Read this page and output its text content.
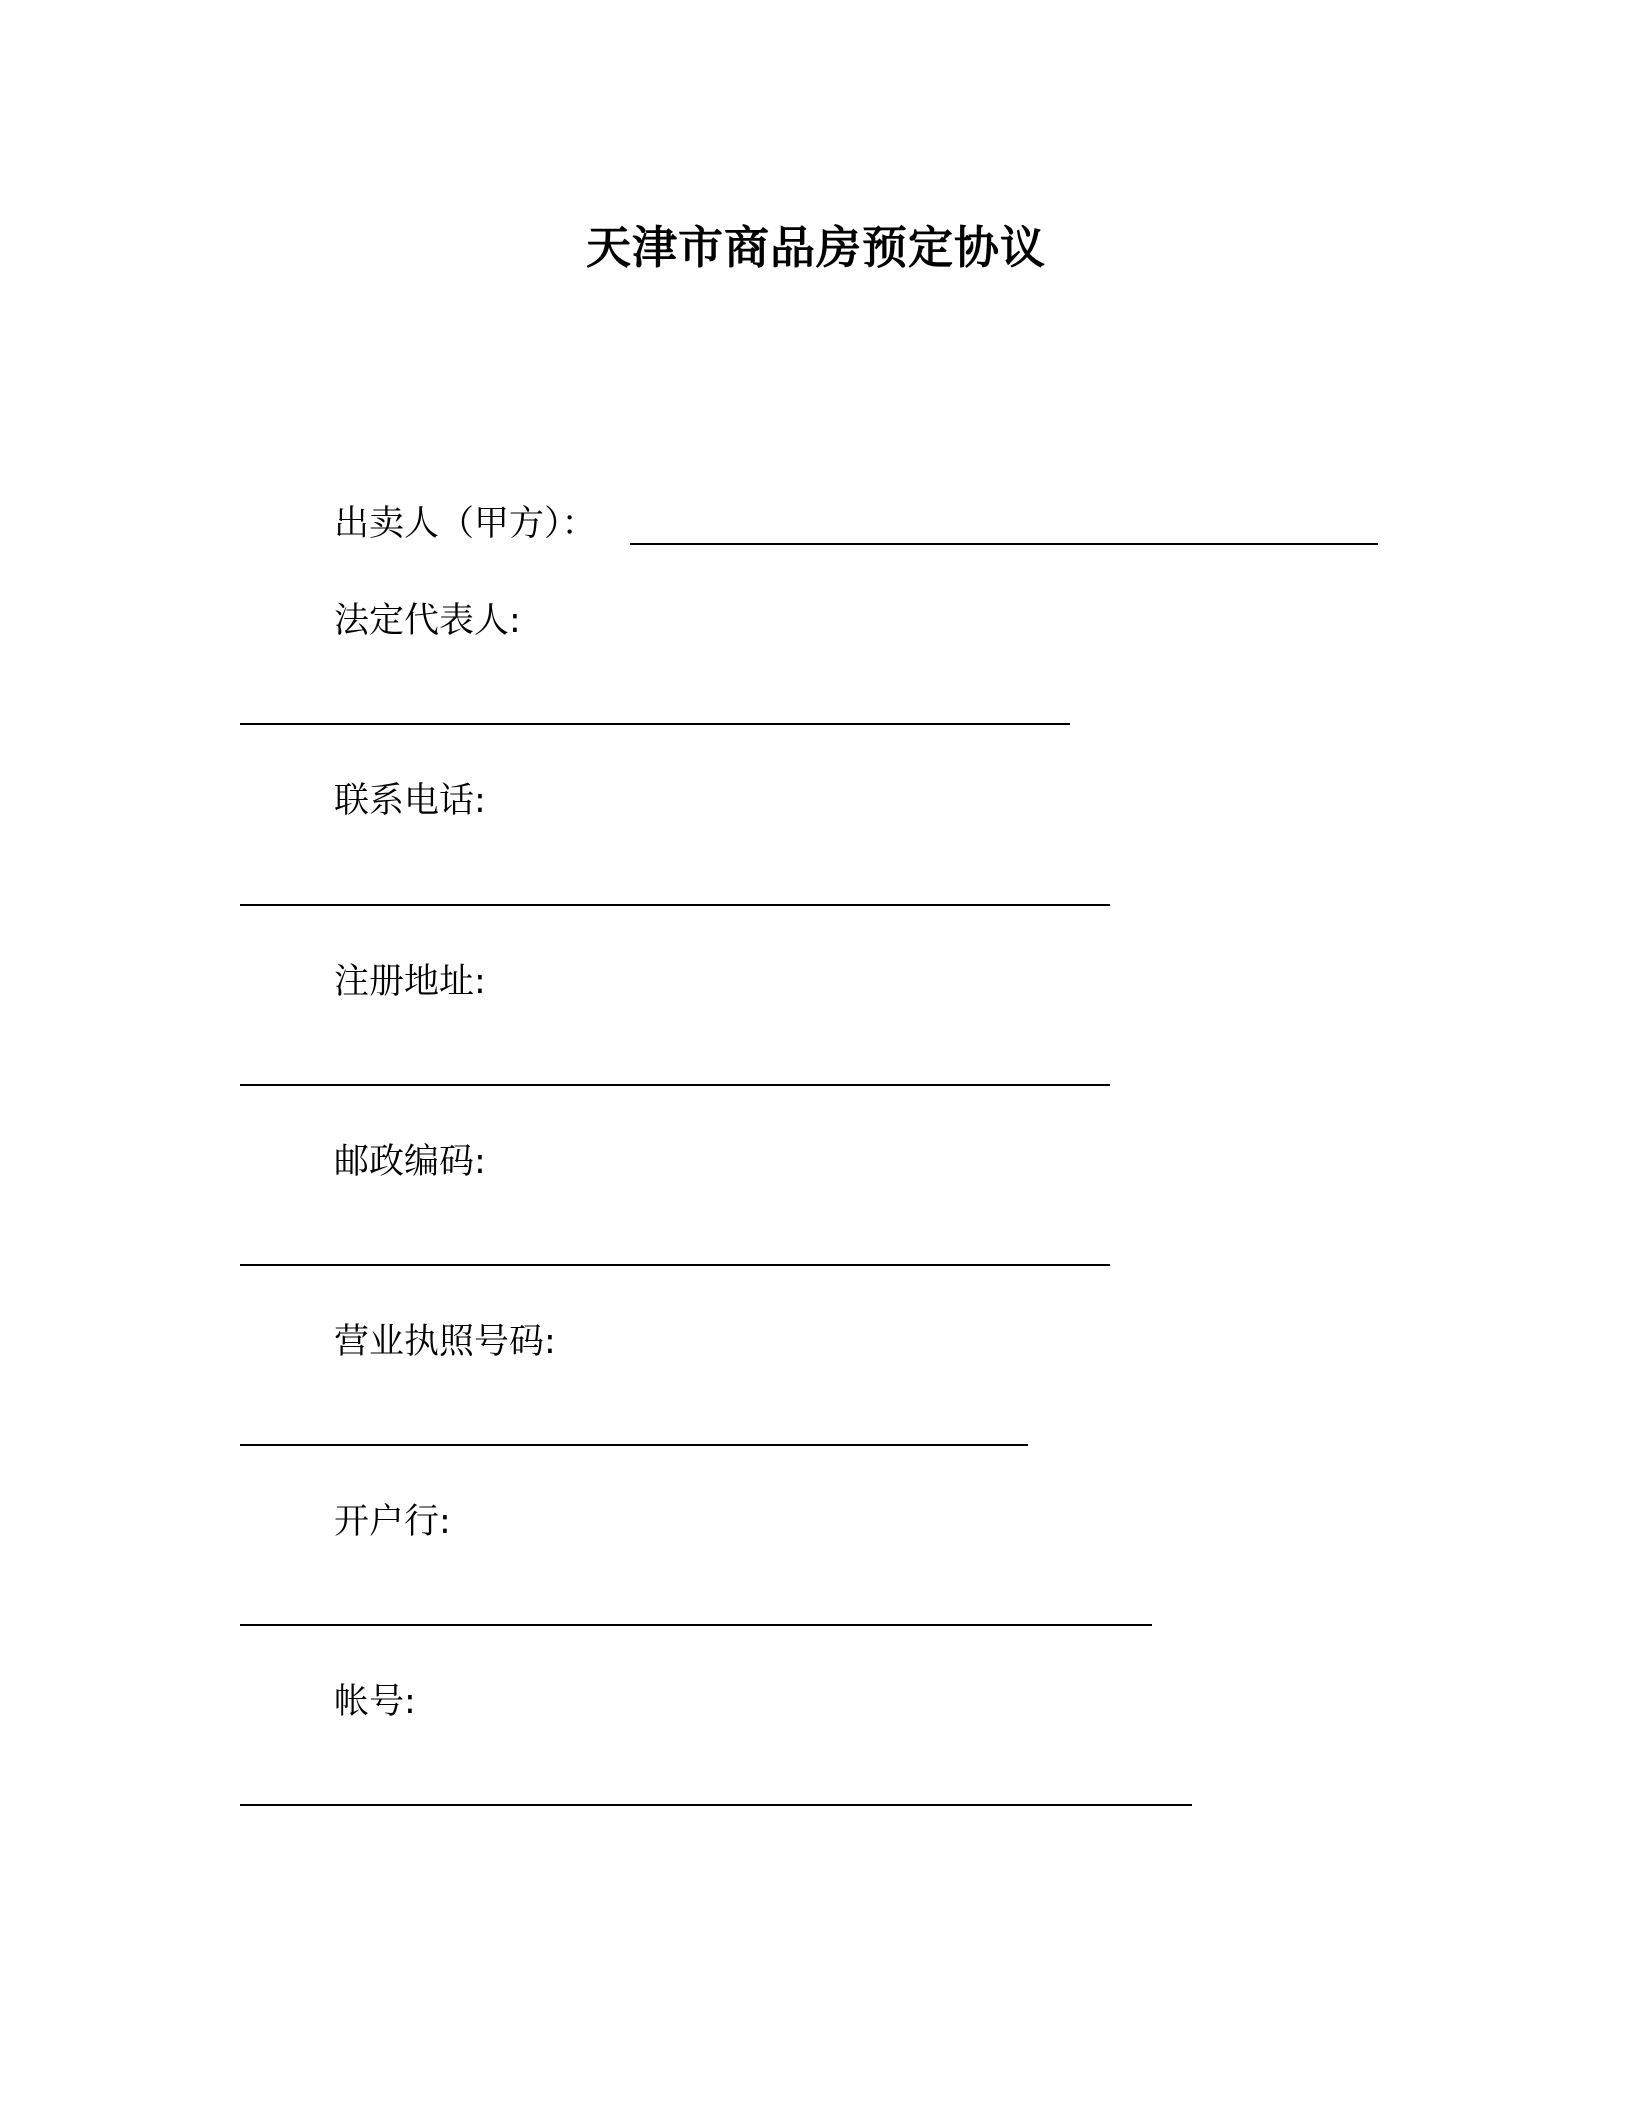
天津市商品房预定协议
出卖人（甲方）：
法定代表人:
联系电话:
注册地址:
邮政编码:
营业执照号码:
开户行:
帐号:
